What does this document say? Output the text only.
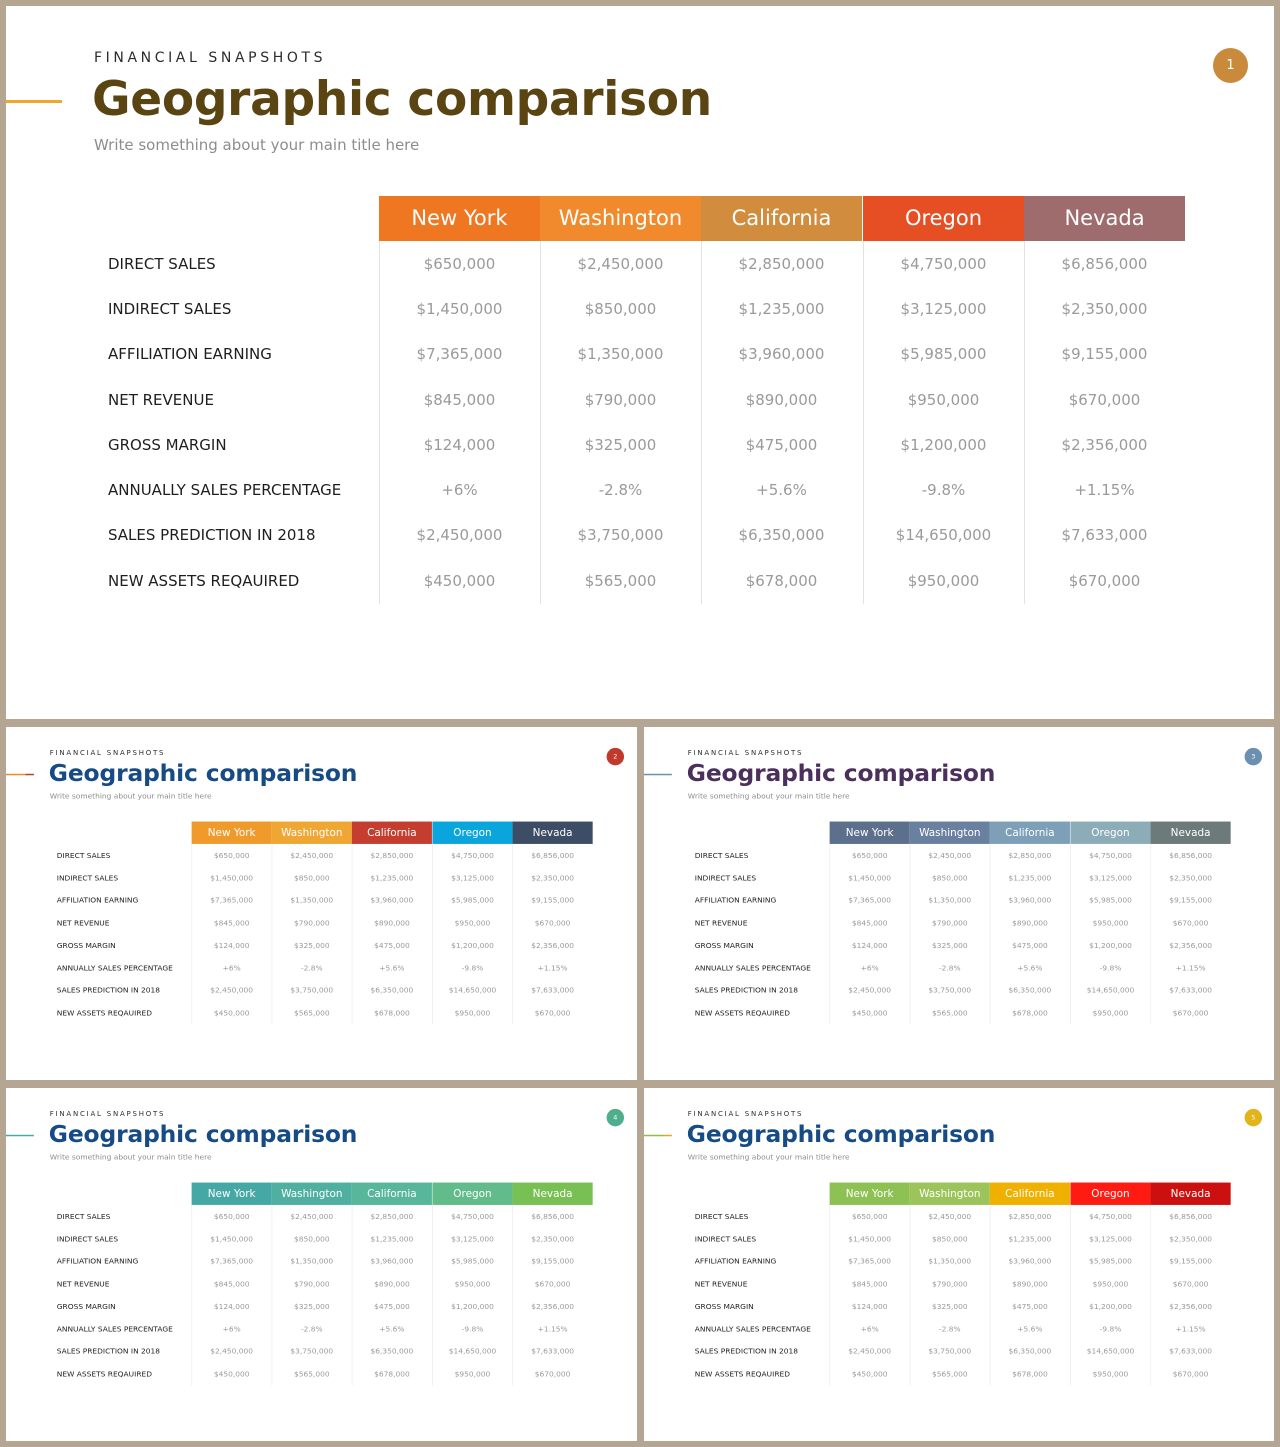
FINANCIAL SNAPSHOTS
Geographic comparison
Write something about your main title here
1
New York	Washington	California	Oregon	Nevada
DIRECT SALES	$650,000	$2,450,000	$2,850,000	$4,750,000	$6,856,000
INDIRECT SALES	$1,450,000	$850,000	$1,235,000	$3,125,000	$2,350,000
AFFILIATION EARNING	$7,365,000	$1,350,000	$3,960,000	$5,985,000	$9,155,000
NET REVENUE	$845,000	$790,000	$890,000	$950,000	$670,000
GROSS MARGIN	$124,000	$325,000	$475,000	$1,200,000	$2,356,000
ANNUALLY SALES PERCENTAGE	+6%	-2.8%	+5.6%	-9.8%	+1.15%
SALES PREDICTION IN 2018	$2,450,000	$3,750,000	$6,350,000	$14,650,000	$7,633,000
NEW ASSETS REQAUIRED	$450,000	$565,000	$678,000	$950,000	$670,000
FINANCIAL SNAPSHOTS
Geographic comparison
Write something about your main title here
2
New York	Washington	California	Oregon	Nevada
DIRECT SALES	$650,000	$2,450,000	$2,850,000	$4,750,000	$6,856,000
INDIRECT SALES	$1,450,000	$850,000	$1,235,000	$3,125,000	$2,350,000
AFFILIATION EARNING	$7,365,000	$1,350,000	$3,960,000	$5,985,000	$9,155,000
NET REVENUE	$845,000	$790,000	$890,000	$950,000	$670,000
GROSS MARGIN	$124,000	$325,000	$475,000	$1,200,000	$2,356,000
ANNUALLY SALES PERCENTAGE	+6%	-2.8%	+5.6%	-9.8%	+1.15%
SALES PREDICTION IN 2018	$2,450,000	$3,750,000	$6,350,000	$14,650,000	$7,633,000
NEW ASSETS REQAUIRED	$450,000	$565,000	$678,000	$950,000	$670,000
FINANCIAL SNAPSHOTS
Geographic comparison
Write something about your main title here
3
New York	Washington	California	Oregon	Nevada
DIRECT SALES	$650,000	$2,450,000	$2,850,000	$4,750,000	$6,856,000
INDIRECT SALES	$1,450,000	$850,000	$1,235,000	$3,125,000	$2,350,000
AFFILIATION EARNING	$7,365,000	$1,350,000	$3,960,000	$5,985,000	$9,155,000
NET REVENUE	$845,000	$790,000	$890,000	$950,000	$670,000
GROSS MARGIN	$124,000	$325,000	$475,000	$1,200,000	$2,356,000
ANNUALLY SALES PERCENTAGE	+6%	-2.8%	+5.6%	-9.8%	+1.15%
SALES PREDICTION IN 2018	$2,450,000	$3,750,000	$6,350,000	$14,650,000	$7,633,000
NEW ASSETS REQAUIRED	$450,000	$565,000	$678,000	$950,000	$670,000
FINANCIAL SNAPSHOTS
Geographic comparison
Write something about your main title here
4
New York	Washington	California	Oregon	Nevada
DIRECT SALES	$650,000	$2,450,000	$2,850,000	$4,750,000	$6,856,000
INDIRECT SALES	$1,450,000	$850,000	$1,235,000	$3,125,000	$2,350,000
AFFILIATION EARNING	$7,365,000	$1,350,000	$3,960,000	$5,985,000	$9,155,000
NET REVENUE	$845,000	$790,000	$890,000	$950,000	$670,000
GROSS MARGIN	$124,000	$325,000	$475,000	$1,200,000	$2,356,000
ANNUALLY SALES PERCENTAGE	+6%	-2.8%	+5.6%	-9.8%	+1.15%
SALES PREDICTION IN 2018	$2,450,000	$3,750,000	$6,350,000	$14,650,000	$7,633,000
NEW ASSETS REQAUIRED	$450,000	$565,000	$678,000	$950,000	$670,000
FINANCIAL SNAPSHOTS
Geographic comparison
Write something about your main title here
5
New York	Washington	California	Oregon	Nevada
DIRECT SALES	$650,000	$2,450,000	$2,850,000	$4,750,000	$6,856,000
INDIRECT SALES	$1,450,000	$850,000	$1,235,000	$3,125,000	$2,350,000
AFFILIATION EARNING	$7,365,000	$1,350,000	$3,960,000	$5,985,000	$9,155,000
NET REVENUE	$845,000	$790,000	$890,000	$950,000	$670,000
GROSS MARGIN	$124,000	$325,000	$475,000	$1,200,000	$2,356,000
ANNUALLY SALES PERCENTAGE	+6%	-2.8%	+5.6%	-9.8%	+1.15%
SALES PREDICTION IN 2018	$2,450,000	$3,750,000	$6,350,000	$14,650,000	$7,633,000
NEW ASSETS REQAUIRED	$450,000	$565,000	$678,000	$950,000	$670,000
